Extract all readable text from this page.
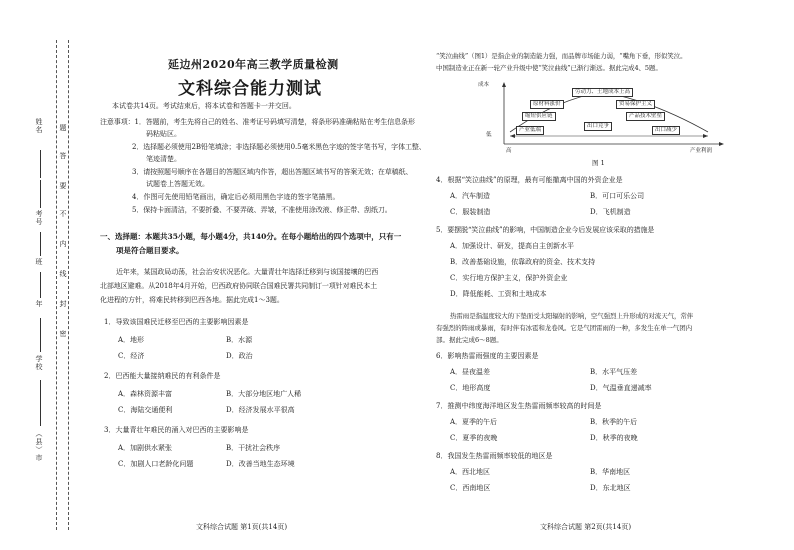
姓名
考号
班
年
学校
（县）市
密
封
线
内
不
要
答
题
延边州2020年高三教学质量检测
文科综合能力测试
本试卷共14页。考试结束后，将本试卷和答题卡一并交回。
注意事项：1．答题前，考生先将自己的姓名、准考证号码填写清楚，将条形码准确粘贴在考生信息条形
码粘贴区。
2．选择题必须使用2B铅笔填涂；非选择题必须使用0.5毫米黑色字迹的签字笔书写，字体工整、
笔迹清楚。
3．请按照题号顺序在各题目的答题区域内作答，超出答题区域书写的答案无效；在草稿纸、
试题卷上答题无效。
4．作图可先使用铅笔画出，确定后必须用黑色字迹的签字笔描黑。
5．保持卡面清洁，不要折叠、不要弄破、弄皱，不准使用涂改液、修正带、刮纸刀。
一、选择题：本题共35小题，每小题4分，共140分。在每小题给出的四个选项中，只有一
项是符合题目要求。
近年来，某国政局动荡，社会治安状况恶化。大量青壮年选择迁移到与该国接壤的巴西
北部地区避难。从2018年4月开始，巴西政府协同联合国难民署共同制订一项针对难民本土
化进程的方针，将难民转移到巴西各地。据此完成1～3题。
1．导致该国难民迁移至巴西的主要影响因素是
A．地形	B．水源
C．经济	D．政治
2．巴西能大量接纳难民的有利条件是
A．森林资源丰富	B．大部分地区地广人稀
C．海陆交通便利	D．经济发展水平很高
3．大量青壮年难民的涌入对巴西的主要影响是
A．加剧供水紧张	B．干扰社会秩序
C．加剧人口老龄化问题	D．改善当地生态环境
文科综合试题 第1页(共14页)
“笑泣曲线”（图1）是指企业的制造能力强，而品牌市场能力弱，“嘴角下垂，形似笑泣。
中国制造业正在新一轮产业升级中使“笑泣曲线”已渐行渐远。据此完成4、5题。
成本
低
高	产业利润
劳动力、土地成本上高
原材料涨价	贸易保护主义
缩短供应链	产品技术壁垒
出口竞争
产业低端	出口减少
图 1
4．根据“笑泣曲线”的原理，最有可能撤离中国的外资企业是
A．汽车制造	B．可口可乐公司
C．服装制造	D．飞机制造
5．要摆脱“笑泣曲线”的影响，中国制造企业今后发展应该采取的措施是
A．加强设计、研发，提高自主创新水平
B．改善基础设施，依靠政府的资金、技术支持
C．实行地方保护主义，保护外资企业
D．降低能耗、工资和土地成本
热雷雨是指温度较大的下垫面受太阳辐射的影响，空气强烈上升形成的对流天气，常伴
有强烈的阵雨或暴雨，有时伴有冰雹和龙卷风。它是气团雷雨的一种，多发生在单一气团内
部。据此完成6～8题。
6．影响热雷雨强度的主要因素是
A．昼夜温差	B．水平气压差
C．地形高度	D．气温垂直递减率
7．推测中纬度海洋地区发生热雷雨频率较高的时间是
A．夏季的午后	B．秋季的午后
C．夏季的夜晚	D．秋季的夜晚
8．我国发生热雷雨频率较低的地区是
A．西北地区	B．华南地区
C．西南地区	D．东北地区
文科综合试题 第2页(共14页)
